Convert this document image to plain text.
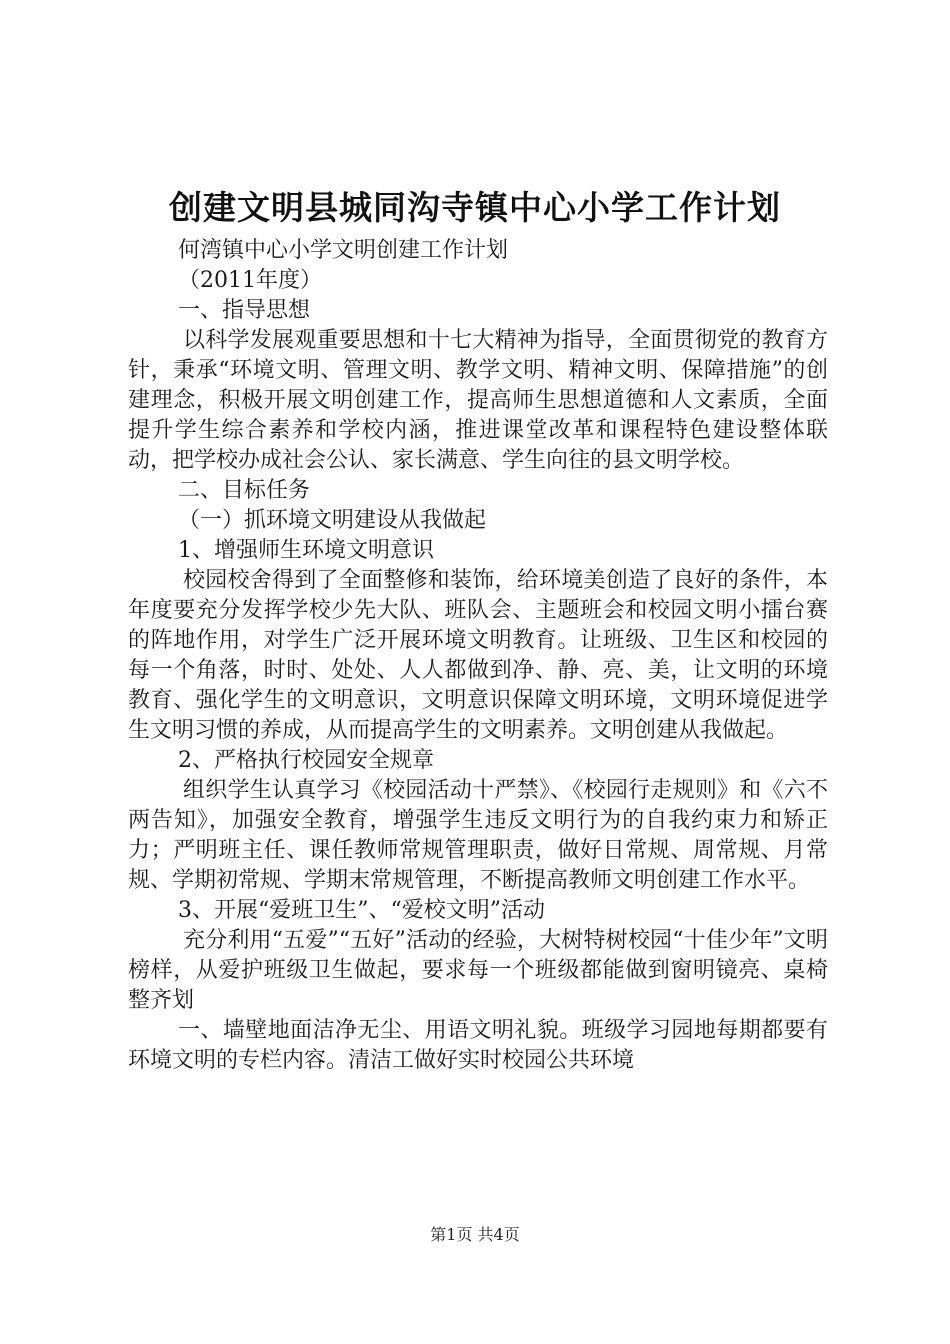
创建文明县城同沟寺镇中心小学工作计划

何湾镇中心小学文明创建工作计划

（2011年度）

一、指导思想

以科学发展观重要思想和十七大精神为指导，全面贯彻党的教育方针，秉承“环境文明、管理文明、教学文明、精神文明、保障措施”的创建理念，积极开展文明创建工作，提高师生思想道德和人文素质，全面提升学生综合素养和学校内涵，推进课堂改革和课程特色建设整体联动，把学校办成社会公认、家长满意、学生向往的县文明学校。

二、目标任务

（一）抓环境文明建设从我做起

1、增强师生环境文明意识

校园校舍得到了全面整修和装饰，给环境美创造了良好的条件，本年度要充分发挥学校少先大队、班队会、主题班会和校园文明小擂台赛的阵地作用，对学生广泛开展环境文明教育。让班级、卫生区和校园的每一个角落，时时、处处、人人都做到净、静、亮、美，让文明的环境教育、强化学生的文明意识，文明意识保障文明环境，文明环境促进学生文明习惯的养成，从而提高学生的文明素养。文明创建从我做起。

2、严格执行校园安全规章

组织学生认真学习《校园活动十严禁》、《校园行走规则》和《六不两告知》，加强安全教育，增强学生违反文明行为的自我约束力和矫正力；严明班主任、课任教师常规管理职责，做好日常规、周常规、月常规、学期初常规、学期末常规管理，不断提高教师文明创建工作水平。

3、开展“爱班卫生”、“爱校文明”活动

充分利用“五爱”“五好”活动的经验，大树特树校园“十佳少年”文明榜样，从爱护班级卫生做起，要求每一个班级都能做到窗明镜亮、桌椅整齐划

一、墙壁地面洁净无尘、用语文明礼貌。班级学习园地每期都要有环境文明的专栏内容。清洁工做好实时校园公共环境

第1页 共4页
